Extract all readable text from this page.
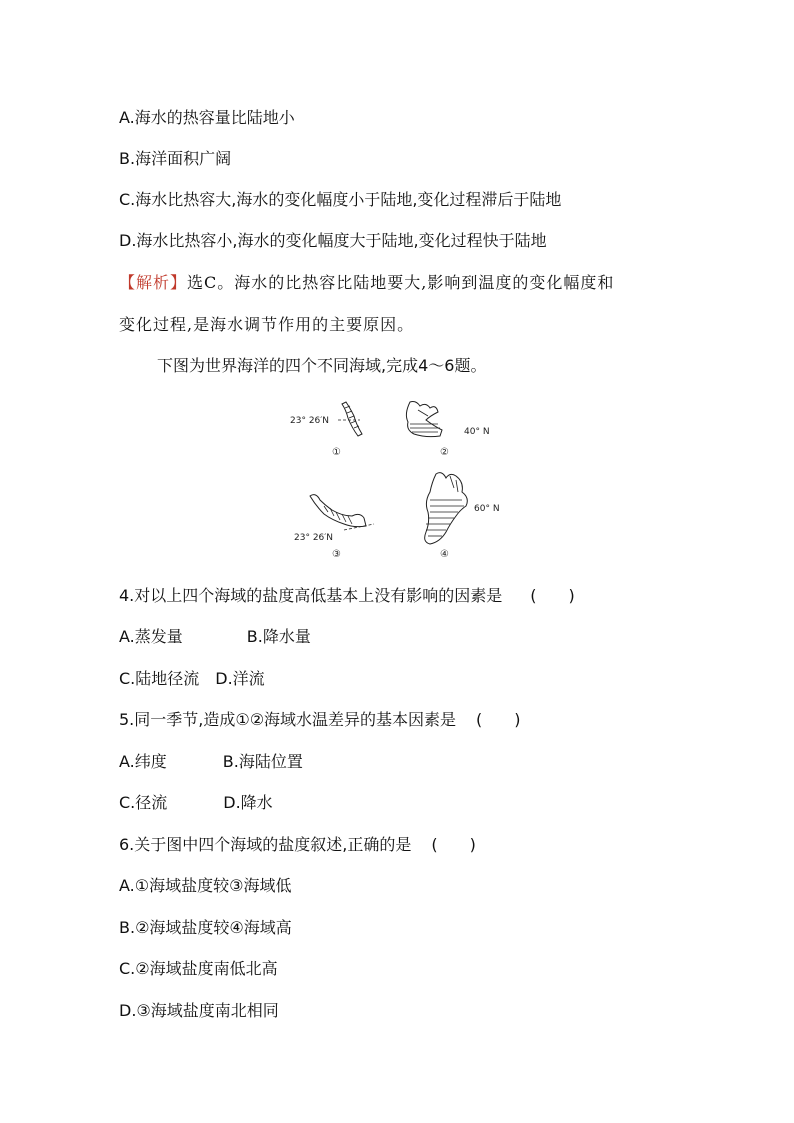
A.海水的热容量比陆地小
B.海洋面积广阔
C.海水比热容大,海水的变化幅度小于陆地,变化过程滞后于陆地
D.海水比热容小,海水的变化幅度大于陆地,变化过程快于陆地
【解析】选C。海水的比热容比陆地要大,影响到温度的变化幅度和
变化过程,是海水调节作用的主要原因。
下图为世界海洋的四个不同海域,完成4～6题。
23° 26′N
①
40° N
②
23° 26′N
③
60° N
④
4.对以上四个海域的盐度高低基本上没有影响的因素是 (　　)
A.蒸发量	B.降水量
C.陆地径流 D.洋流
5.同一季节,造成①②海域水温差异的基本因素是 (　　)
A.纬度	B.海陆位置
C.径流	D.降水
6.关于图中四个海域的盐度叙述,正确的是 (　　)
A.①海域盐度较③海域低
B.②海域盐度较④海域高
C.②海域盐度南低北高
D.③海域盐度南北相同
